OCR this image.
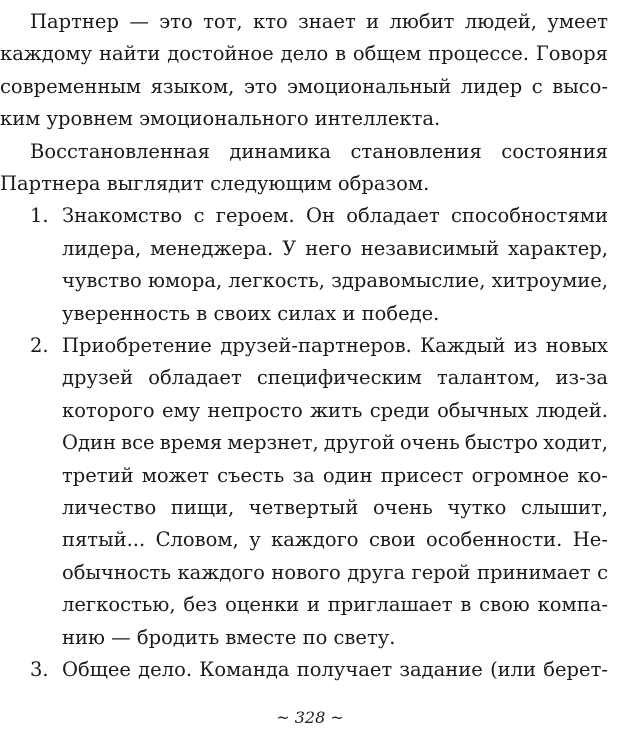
Партнер — это тот, кто знает и любит людей, умеет
каждому найти достойное дело в общем процессе. Говоря
современным языком, это эмоциональный лидер с высо-
ким уровнем эмоционального интеллекта.
Восстановленная динамика становления состояния
Партнера выглядит следующим образом.
1. Знакомство с героем. Он обладает способностями
лидера, менеджера. У него независимый характер,
чувство юмора, легкость, здравомыслие, хитроумие,
уверенность в своих силах и победе.
2. Приобретение друзей-партнеров. Каждый из новых
друзей обладает специфическим талантом, из-за
которого ему непросто жить среди обычных людей.
Один все время мерзнет, другой очень быстро ходит,
третий может съесть за один присест огромное ко-
личество пищи, четвертый очень чутко слышит,
пятый... Словом, у каждого свои особенности. Не-
обычность каждого нового друга герой принимает с
легкостью, без оценки и приглашает в свою компа-
нию — бродить вместе по свету.
3.
~ 328 ~
Общее дело. Команда получает задание (или берет-
